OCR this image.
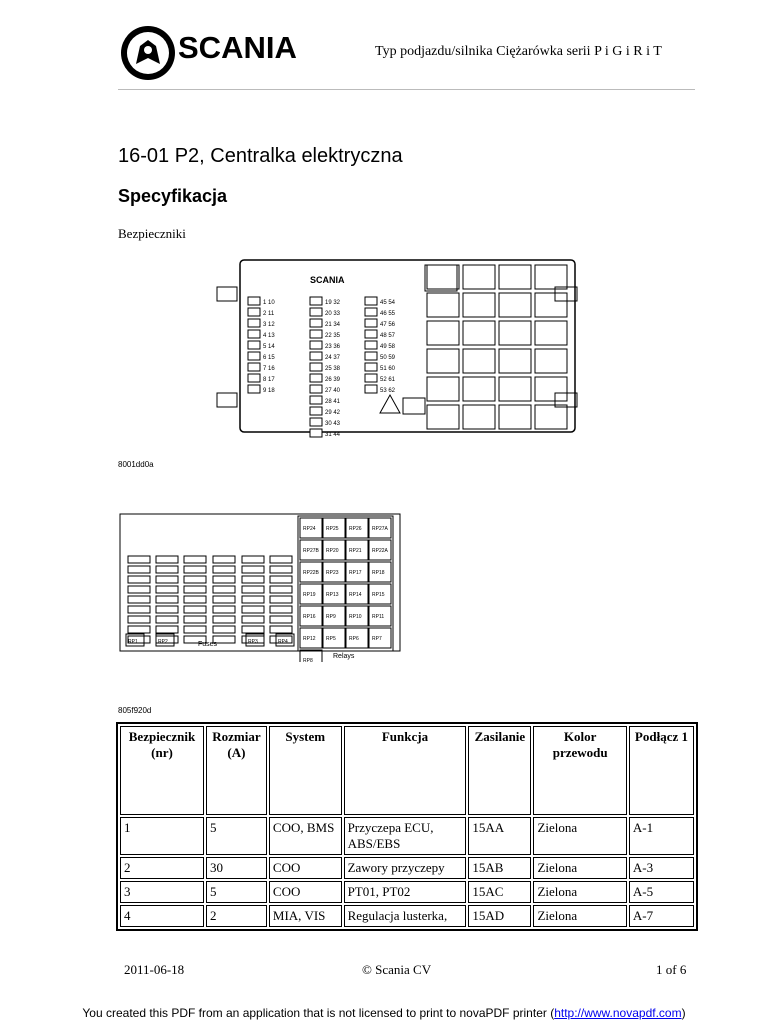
SCANIA	Typ podjazdu/silnika Ciężarówka serii P i G i R i T
16-01 P2, Centralka elektryczna
Specyfikacja
Bezpieczniki
SCANIA
1 10
2 11
3 12
4 13
5 14
6 15
7 16
8 17
9 18
19 32
20 33
21 34
22 35
23 36
24 37
25 38
26 39
27 40
28 41
29 42
30 43
31 44
45 54
46 55
47 56
48 57
49 58
50 59
51 60
52 61
53 62
8001dd0a
RP24 RP25 RP26 RP27A
RP27B RP20 RP21 RP22A
RP22B RP23 RP17 RP18
RP19 RP13 RP14 RP15
RP16 RP9	RP10 RP11
RP12 RP5	RP6	RP7
RP8
RP1	RP2	RP3	RP4
Fuses
Relays
805f920d
Bezpiecznik (nr)	Rozmiar (A)	System	Funkcja	Zasilanie	Kolor przewodu	Podłącz 1
1	5	COO, BMS	Przyczepa ECU, ABS/EBS	15AA	Zielona	A-1
2	30	COO	Zawory przyczepy	15AB	Zielona	A-3
3	5	COO	PT01, PT02	15AC	Zielona	A-5
4	2	MIA, VIS	Regulacja lusterka,	15AD	Zielona	A-7
2011-06-18	© Scania CV	1 of 6
You created this PDF from an application that is not licensed to print to novaPDF printer (http://www.novapdf.com)
